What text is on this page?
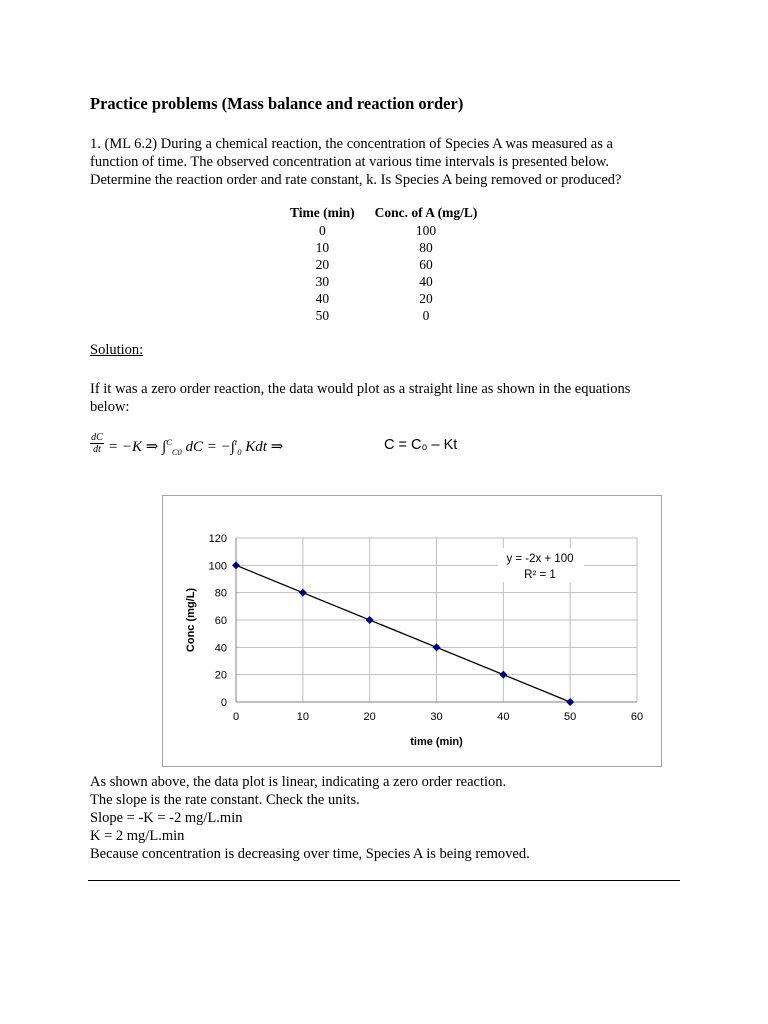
Practice problems (Mass balance and reaction order)
1. (ML 6.2) During a chemical reaction, the concentration of Species A was measured as a
function of time. The observed concentration at various time intervals is presented below.
Determine the reaction order and rate constant, k. Is Species A being removed or produced?
Time (min)	Conc. of A (mg/L)
0	100
10	80
20	60
30	40
40	20
50	0
Solution:
If it was a zero order reaction, the data would plot as a straight line as shown in the equations
below:
$\frac{dC}{dt} = -K$ ⇒ ∫$^C_{C0}$ dC = −∫$^t_0$ Kdt ⇒	C = C₀ – Kt
0
20
40
60
80
100
120
0	10	20	30	40	50	60
time (min)
Conc (mg/L)
y = -2x + 100
R² = 1
As shown above, the data plot is linear, indicating a zero order reaction.
The slope is the rate constant. Check the units.
Slope = -K = -2 mg/L.min
K = 2 mg/L.min
Because concentration is decreasing over time, Species A is being removed.
